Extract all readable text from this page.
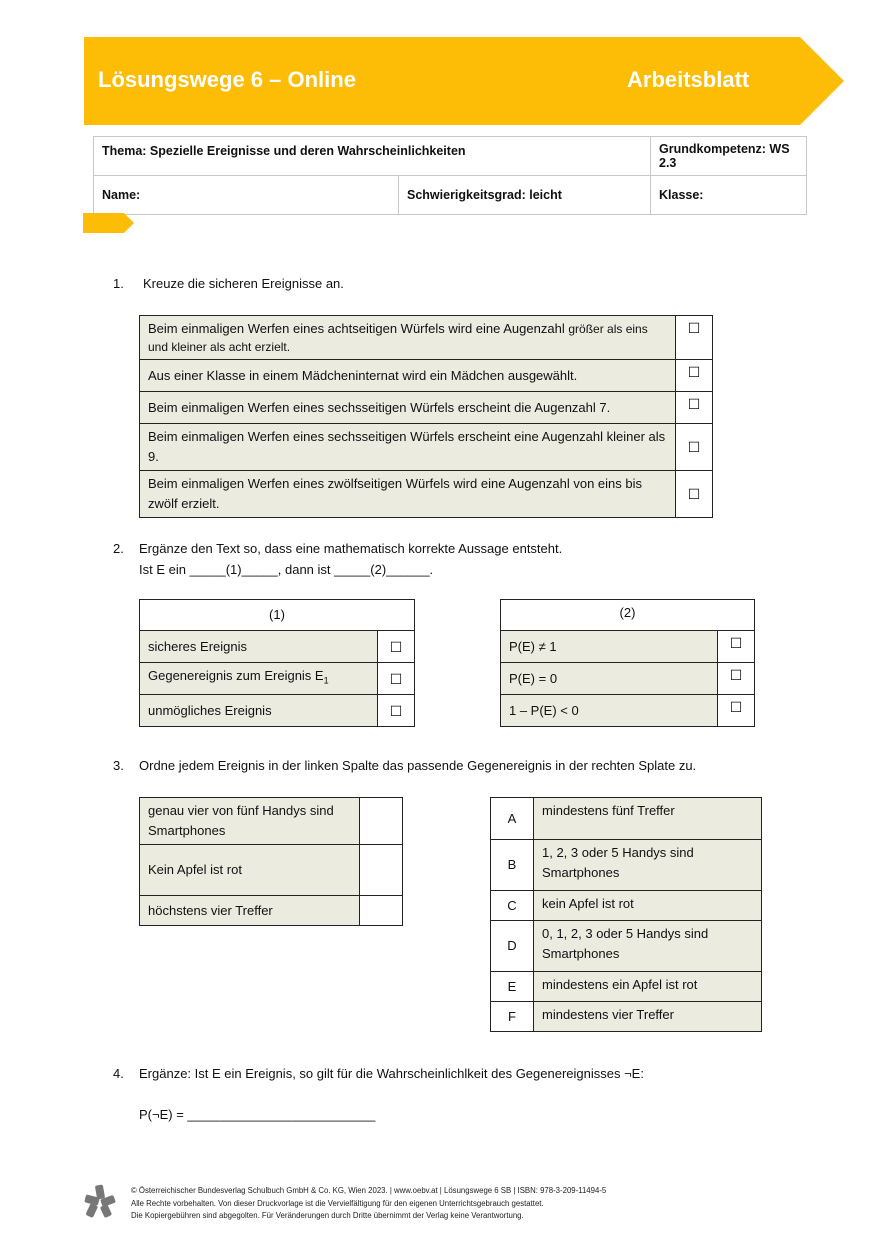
Lösungswege 6 – Online	Arbeitsblatt
Thema: Spezielle Ereignisse und deren Wahrscheinlichkeiten		Grundkompetenz: WS 2.3
Name:	Schwierigkeitsgrad: leicht	Klasse:
1. Kreuze die sicheren Ereignisse an.
Beim einmaligen Werfen eines achtseitigen Würfels wird eine Augenzahl größer als eins und kleiner als acht erzielt.	☐
Aus einer Klasse in einem Mädcheninternat wird ein Mädchen ausgewählt.	☐
Beim einmaligen Werfen eines sechsseitigen Würfels erscheint die Augenzahl 7.	☐
Beim einmaligen Werfen eines sechsseitigen Würfels erscheint eine Augenzahl kleiner als 9.	☐
Beim einmaligen Werfen eines zwölfseitigen Würfels wird eine Augenzahl von eins bis zwölf erzielt.	☐
2. Ergänze den Text so, dass eine mathematisch korrekte Aussage entsteht.
Ist E ein _____(1)_____, dann ist _____(2)______.
(1)	
sicheres Ereignis	☐
Gegenereignis zum Ereignis $E_1$	☐
unmögliches Ereignis	☐
(2)	
P(E) ≠ 1	☐
P(E) = 0	☐
1 – P(E) < 0	☐
3. Ordne jedem Ereignis in der linken Spalte das passende Gegenereignis in der rechten Splate zu.
genau vier von fünf Handys sind Smartphones	
Kein Apfel ist rot	
höchstens vier Treffer	
A	mindestens fünf Treffer
B	1, 2, 3 oder 5 Handys sind Smartphones
C	kein Apfel ist rot
D	0, 1, 2, 3 oder 5 Handys sind Smartphones
E	mindestens ein Apfel ist rot
F	mindestens vier Treffer
4. Ergänze: Ist E ein Ereignis, so gilt für die Wahrscheinlichlkeit des Gegenereignisses ¬E:
P(¬E) = __________________________
© Österreichischer Bundesverlag Schulbuch GmbH & Co. KG, Wien 2023. | www.oebv.at | Lösungswege 6 SB | ISBN: 978-3-209-11494-5
Alle Rechte vorbehalten. Von dieser Druckvorlage ist die Vervielfältigung für den eigenen Unterrichtsgebrauch gestattet.
Die Kopiergebühren sind abgegolten. Für Veränderungen durch Dritte übernimmt der Verlag keine Verantwortung.
